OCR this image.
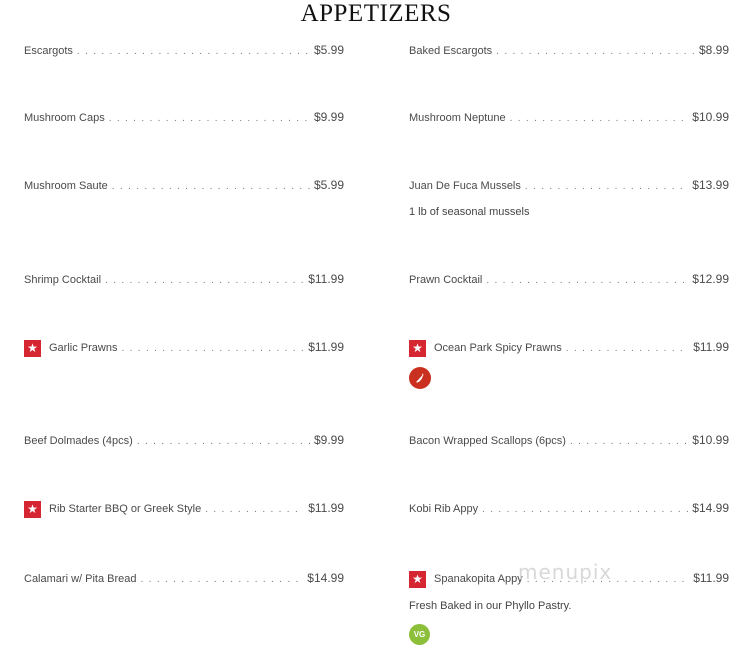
APPETIZERS
Escargots . . .	$5.99
Mushroom Caps . . .	$9.99
Mushroom Saute . . .	$5.99
Shrimp Cocktail . . .	$11.99
★
Garlic Prawns . . .	$11.99
Beef Dolmades (4pcs) . . .	$9.99
★
Rib Starter BBQ or Greek Style . . .	$11.99
Calamari w/ Pita Bread . . .	$14.99
Baked Escargots . . .	$8.99
Mushroom Neptune . . .	$10.99
Juan De Fuca Mussels . . .	$13.99
1 lb of seasonal mussels
Prawn Cocktail . . .	$12.99
★
Ocean Park Spicy Prawns . . .	$11.99
Bacon Wrapped Scallops (6pcs) . . .	$10.99
Kobi Rib Appy . . .	$14.99
★
Spanakopita Appy . . .	$11.99
Fresh Baked in our Phyllo Pastry.
VG
menupix
